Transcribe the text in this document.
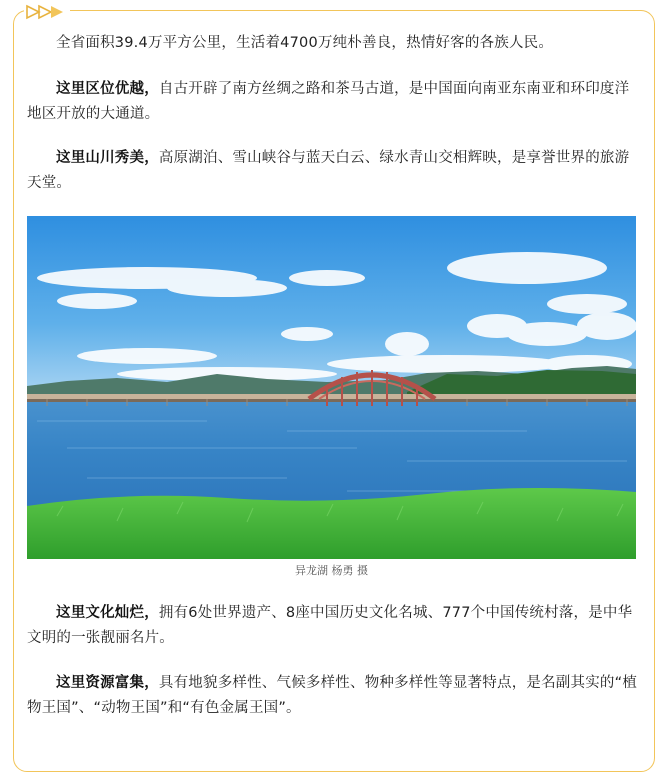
全省面积39.4万平方公里，生活着4700万纯朴善良，热情好客的各族人民。

这里区位优越，自古开辟了南方丝绸之路和茶马古道，是中国面向南亚东南亚和环印度洋地区开放的大通道。

这里山川秀美，高原湖泊、雪山峡谷与蓝天白云、绿水青山交相辉映，是享誉世界的旅游天堂。

异龙湖 杨勇 摄

这里文化灿烂，拥有6处世界遗产、8座中国历史文化名城、777个中国传统村落，是中华文明的一张靓丽名片。

这里资源富集，具有地貌多样性、气候多样性、物种多样性等显著特点，是名副其实的“植物王国”、“动物王国”和“有色金属王国”。
